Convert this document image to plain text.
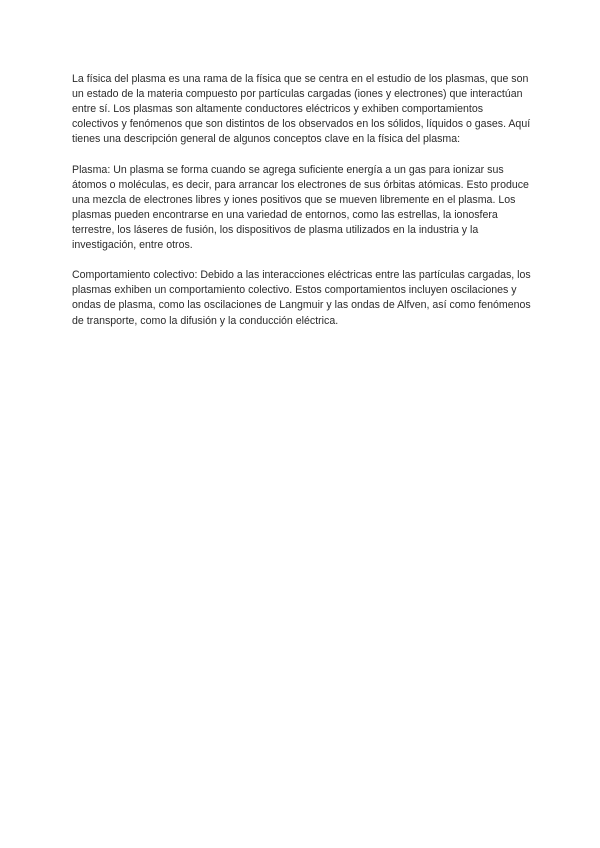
La física del plasma es una rama de la física que se centra en el estudio de los plasmas, que son un estado de la materia compuesto por partículas cargadas (iones y electrones) que interactúan entre sí. Los plasmas son altamente conductores eléctricos y exhiben comportamientos colectivos y fenómenos que son distintos de los observados en los sólidos, líquidos o gases. Aquí tienes una descripción general de algunos conceptos clave en la física del plasma:

Plasma: Un plasma se forma cuando se agrega suficiente energía a un gas para ionizar sus átomos o moléculas, es decir, para arrancar los electrones de sus órbitas atómicas. Esto produce una mezcla de electrones libres y iones positivos que se mueven libremente en el plasma. Los plasmas pueden encontrarse en una variedad de entornos, como las estrellas, la ionosfera terrestre, los láseres de fusión, los dispositivos de plasma utilizados en la industria y la investigación, entre otros.

Comportamiento colectivo: Debido a las interacciones eléctricas entre las partículas cargadas, los plasmas exhiben un comportamiento colectivo. Estos comportamientos incluyen oscilaciones y ondas de plasma, como las oscilaciones de Langmuir y las ondas de Alfven, así como fenómenos de transporte, como la difusión y la conducción eléctrica.
